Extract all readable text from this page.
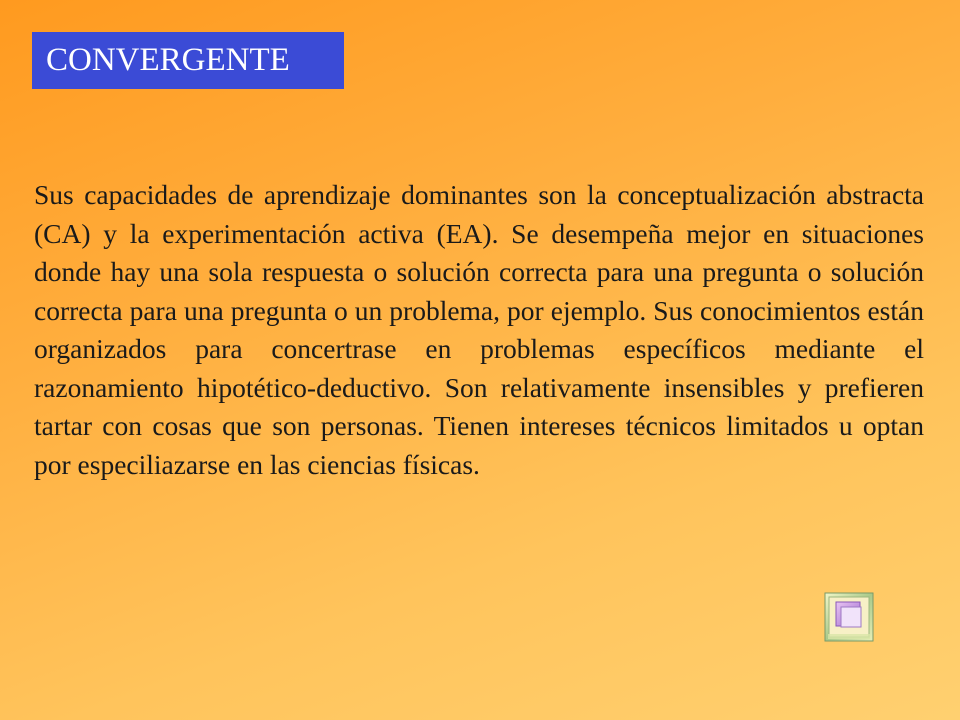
CONVERGENTE
Sus capacidades de aprendizaje dominantes son la conceptualización abstracta (CA) y la experimentación activa (EA). Se desempeña mejor en situaciones donde hay una sola respuesta o solución correcta para una pregunta o solución correcta para una pregunta o un problema, por ejemplo. Sus conocimientos están organizados para concertrase en problemas específicos mediante el razonamiento hipotético-deductivo. Son relativamente insensibles y prefieren tartar con cosas que son personas. Tienen intereses técnicos limitados u optan por especiliazarse en las ciencias físicas.
